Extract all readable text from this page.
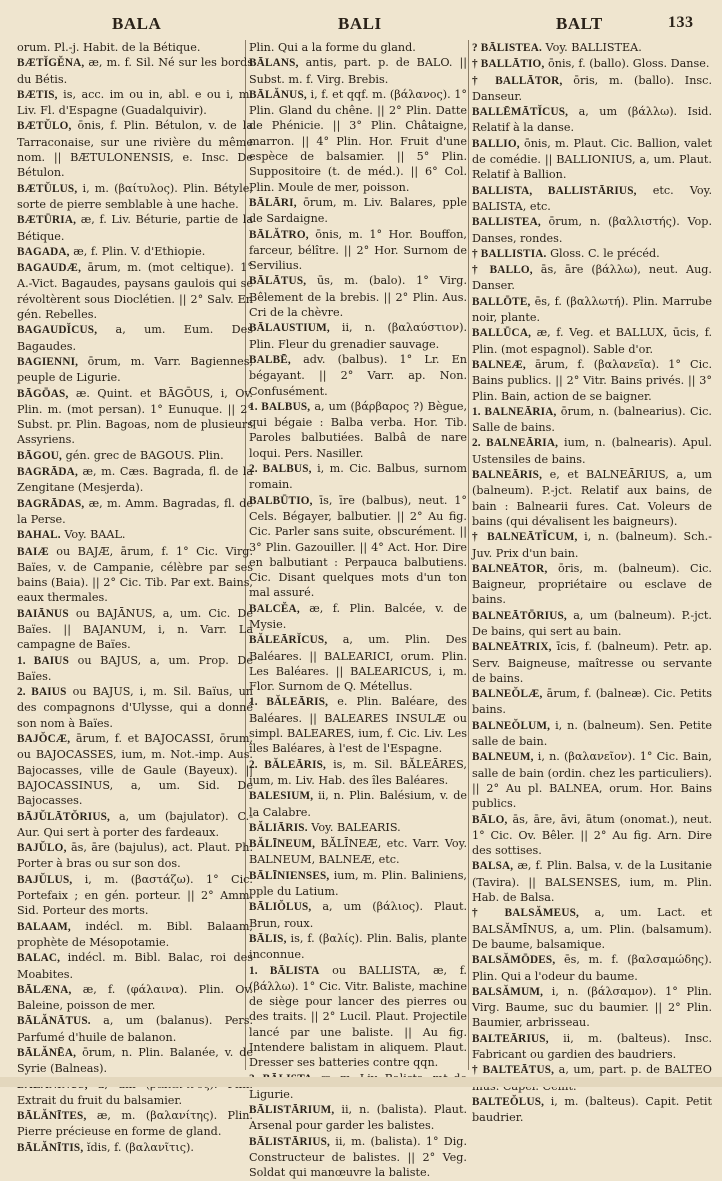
BALA	BALI	BALT	133

orum. Pl.-j. Habit. de la Bétique.

BÆTĬGĔNA, æ, m. f. Sil. Né sur les bords du Bétis.

BÆTIS, is, acc. im ou in, abl. e ou i, m. Liv. Fl. d'Espagne (Guadalquivir).

BÆTŬLO, ōnis, f. Plin. Bétulon, v. de la Tarraconaise, sur une rivière du même nom. || BÆTULONENSIS, e. Insc. De Bétulon.

BÆTŬLUS, i, m. (βαίτυλος). Plin. Bétyle, sorte de pierre semblable à une hache.

BÆTŪRIA, æ, f. Liv. Béturie, partie de la Bétique.

BAGADA, æ, f. Plin. V. d'Ethiopie.

BAGAUDÆ, ārum, m. (mot celtique). 1° A.-Vict. Bagaudes, paysans gaulois qui se révoltèrent sous Dioclétien. || 2° Salv. En gén. Rebelles.

BAGAUDĬCUS, a, um. Eum. Des Bagaudes.

BAGIENNI, ōrum, m. Varr. Bagiennes, peuple de Ligurie.

BĀGŌAS, æ. Quint. et BĀGŌUS, i, Ov. Plin. m. (mot persan). 1° Eunuque. || 2° Subst. pr. Plin. Bagoas, nom de plusieurs Assyriens.

BĀGOU, gén. grec de BAGOUS. Plin.

BAGRĀDA, æ, m. Cæs. Bagrada, fl. de la Zengitane (Mesjerda).

BAGRĀDAS, æ, m. Amm. Bagradas, fl. de la Perse.

BAHAL. Voy. BAAL.

BAIÆ ou BAJÆ, ārum, f. 1° Cic. Virg. Baïes, v. de Campanie, célèbre par ses bains (Baia). || 2° Cic. Tib. Par ext. Bains, eaux thermales.

BAIĀNUS ou BAJĀNUS, a, um. Cic. De Baïes. || BAJANUM, i, n. Varr. La campagne de Baïes.

1. BAIUS ou BAJUS, a, um. Prop. De Baïes.

2. BAIUS ou BAJUS, i, m. Sil. Baïus, un des compagnons d'Ulysse, qui a donné son nom à Baïes.

BAJŎCÆ, ārum, f. et BAJOCASSI, ōrum, ou BAJOCASSES, ium, m. Not.-imp. Aus. Bajocasses, ville de Gaule (Bayeux). || BAJOCASSINUS, a, um. Sid. De Bajocasses.

BĀJŬLĀTŎRIUS, a, um (bajulator). C.-Aur. Qui sert à porter des fardeaux.

BAJŬLO, ās, āre (bajulus), act. Plaut. Ph. Porter à bras ou sur son dos.

BAJŬLUS, i, m. (βαστάζω). 1° Cic. Portefaix ; en gén. porteur. || 2° Amm. Sid. Porteur des morts.

BALAAM, indécl. m. Bibl. Balaam, prophète de Mésopotamie.

BALAC, indécl. m. Bibl. Balac, roi des Moabites.

BĀLÆNA, æ, f. (φάλαινα). Plin. Ov. Baleine, poisson de mer.

BĀLĂNĀTUS. a, um (balanus). Pers. Parfumé d'huile de balanon.

BĀLĂNĒA, ōrum, n. Plin. Balanée, v. de Syrie (Balneas).

Extrait du fruit du balsamier.

BĀLĂNĪTES, æ, m. (βαλανίτης). Plin. Pierre précieuse en forme de gland.

BĀLĂNĪTIS, ĭdis, f. (βαλανῖτις).

Plin. Qui a la forme du gland.

BĀLANS, antis, part. p. de BALO. || Subst. m. f. Virg. Brebis.

BĀLĂNUS, i, f. et qqf. m. (βάλανος). 1° Plin. Gland du chêne. || 2° Plin. Datte de Phénicie. || 3° Plin. Châtaigne, marron. || 4° Plin. Hor. Fruit d'une espèce de balsamier. || 5° Plin. Suppositoire (t. de méd.). || 6° Col. Plin. Moule de mer, poisson.

BĀLĀRI, ōrum, m. Liv. Balares, pple de Sardaigne.

BĀLĂTRO, ōnis, m. 1° Hor. Bouffon, farceur, bélître. || 2° Hor. Surnom de Servilius.

BĀLĀTUS, ūs, m. (balo). 1° Virg. Bêlement de la brebis. || 2° Plin. Aus. Cri de la chèvre.

BĀLAUSTIUM, ii, n. (βαλαύστιον). Plin. Fleur du grenadier sauvage.

BALBĒ, adv. (balbus). 1° Lr. En bégayant. || 2° Varr. ap. Non. Confusément.

1. BALBUS, a, um (βάρβαρος ?) Bègue, qui bégaie : Balba verba. Hor. Tib. Paroles balbutiées. Balbâ de nare loqui. Pers. Nasiller.

2. BALBUS, i, m. Cic. Balbus, surnom romain.

BALBŪTIO, īs, īre (balbus), neut. 1° Cels. Bégayer, balbutier. || 2° Au fig. Cic. Parler sans suite, obscurément. || 3° Plin. Gazouiller. || 4° Act. Hor. Dire en balbutiant : Perpauca balbutiens. Cic. Disant quelques mots d'un ton mal assuré.

BALCĔA, æ, f. Plin. Balcée, v. de Mysie.

BĂLEĀRĬCUS, a, um. Plin. Des Baléares. || BALEARICI, orum. Plin. Les Baléares. || BALEARICUS, i, m. Flor. Surnom de Q. Métellus.

1. BĂLEĀRIS, e. Plin. Baléare, des Baléares. || BALEARES INSULÆ ou simpl. BALEARES, ium, f. Cic. Liv. Les îles Baléares, à l'est de l'Espagne.

2. BĂLEĀRIS, is, m. Sil. BĂLEĀRES, ium, m. Liv. Hab. des îles Baléares.

BALESIUM, ii, n. Plin. Balésium, v. de la Calabre.

BĂLIĀRIS. Voy. BALEARIS.

BĂLĪNEUM, BĂLĪNEÆ, etc. Varr. Voy. BALNEUM, BALNEÆ, etc.

BĀLĪNIENSES, ium, m. Plin. Baliniens, pple du Latium.

BĀLIŎLUS, a, um (βάλιος). Plaut. Brun, roux.

BĀLIS, is, f. (βαλίς). Plin. Balis, plante inconnue.

1. BĀLISTA ou BALLISTA, æ, f. (βάλλω). 1° Cic. Vitr. Baliste, machine de siège pour lancer des pierres ou des traits. || 2° Lucil. Plaut. Projectile lancé par une baliste. || Au fig. Intendere balistam in aliquem. Plaut. Dresser ses batteries contre qqn.

Ligurie.

BĀLISTĀRIUM, ii, n. (balista). Plaut. Arsenal pour garder les balistes.

BĀLISTĀRIUS, ii, m. (balista). 1° Dig. Constructeur de balistes. || 2° Veg. Soldat qui manœuvre la baliste.

? BĀLISTEA. Voy. BALLISTEA.

† BALLĀTIO, ōnis, f. (ballo). Gloss. Danse.

† BALLĀTOR, ōris, m. (ballo). Insc. Danseur.

BALLĒMĀTĬCUS, a, um (βάλλω). Isid. Relatif à la danse.

BALLIO, ōnis, m. Plaut. Cic. Ballion, valet de comédie. || BALLIONIUS, a, um. Plaut. Relatif à Ballion.

BALLISTA, BALLISTĀRIUS, etc. Voy. BALISTA, etc.

BALLISTEA, ōrum, n. (βαλλιστής). Vop. Danses, rondes.

† BALLISTIA. Gloss. C. le précéd.

† BALLO, ās, āre (βάλλω), neut. Aug. Danser.

BALLŌTE, ēs, f. (βαλλωτή). Plin. Marrube noir, plante.

BALLŪCA, æ, f. Veg. et BALLUX, ūcis, f. Plin. (mot espagnol). Sable d'or.

BALNEÆ, ārum, f. (βαλανεῖα). 1° Cic. Bains publics. || 2° Vitr. Bains privés. || 3° Plin. Bain, action de se baigner.

1. BALNEĀRIA, ōrum, n. (balnearius). Cic. Salle de bains.

2. BALNEĀRIA, ium, n. (balnearis). Apul. Ustensiles de bains.

BALNEĀRIS, e, et BALNEĀRIUS, a, um (balneum). P.-jct. Relatif aux bains, de bain : Balnearii fures. Cat. Voleurs de bains (qui dévalisent les baigneurs).

† BALNEĀTĬCUM, i, n. (balneum). Sch.-Juv. Prix d'un bain.

BALNEĀTOR, ōris, m. (balneum). Cic. Baigneur, propriétaire ou esclave de bains.

BALNEĀTŌRIUS, a, um (balneum). P.-jct. De bains, qui sert au bain.

BALNEĀTRIX, īcis, f. (balneum). Petr. ap. Serv. Baigneuse, maîtresse ou servante de bains.

BALNEŎLÆ, ārum, f. (balneæ). Cic. Petits bains.

BALNEŎLUM, i, n. (balneum). Sen. Petite salle de bain.

BALNEUM, i, n. (βαλανεῖον). 1° Cic. Bain, salle de bain (ordin. chez les particuliers). || 2° Au pl. BALNEA, orum. Hor. Bains publics.

BĀLO, ās, āre, āvi, ātum (onomat.), neut. 1° Cic. Ov. Bêler. || 2° Au fig. Arn. Dire des sottises.

BALSA, æ, f. Plin. Balsa, v. de la Lusitanie (Tavira). || BALSENSES, ium, m. Plin. Hab. de Balsa.

† BALSĂMEUS, a, um. Lact. et BALSĂMĪNUS, a, um. Plin. (balsamum). De baume, balsamique.

BALSĂMŌDES, ēs, m. f. (βαλσαμώδης). Plin. Qui a l'odeur du baume.

BALSĂMUM, i, n. (βάλσαμον). 1° Plin. Virg. Baume, suc du baumier. || 2° Plin. Baumier, arbrisseau.

BALTEĀRIUS, ii, m. (balteus). Insc. Fabricant ou gardien des baudriers.

† BALTEĀTUS, a, um, part. p. de BALTEO

BALTEŎLUS, i, m. (balteus). Capit. Petit baudrier.
